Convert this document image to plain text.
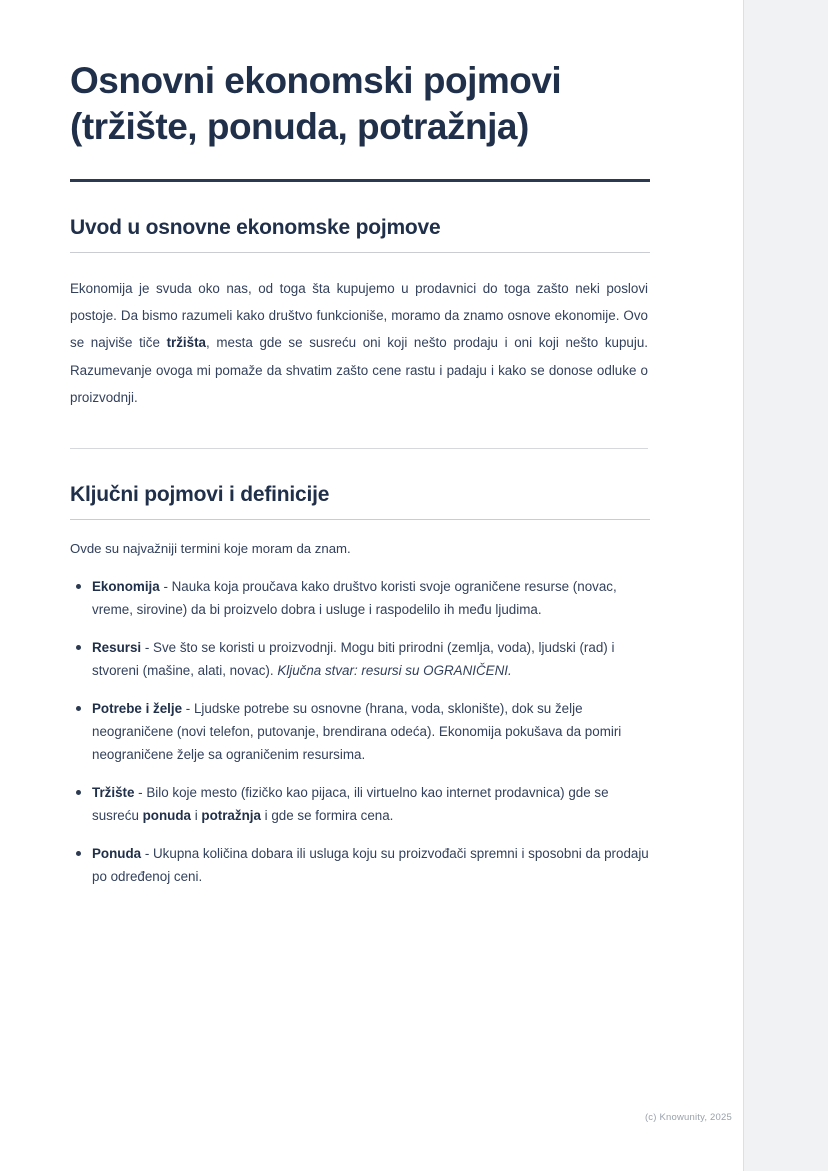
Osnovni ekonomski pojmovi (tržište, ponuda, potražnja)
Uvod u osnovne ekonomske pojmove

Ekonomija je svuda oko nas, od toga šta kupujemo u prodavnici do toga zašto neki poslovi postoje. Da bismo razumeli kako društvo funkcioniše, moramo da znamo osnove ekonomije. Ovo se najviše tiče tržišta, mesta gde se susreću oni koji nešto prodaju i oni koji nešto kupuju. Razumevanje ovoga mi pomaže da shvatim zašto cene rastu i padaju i kako se donose odluke o proizvodnji.

Ključni pojmovi i definicije

Ovde su najvažniji termini koje moram da znam.

Ekonomija - Nauka koja proučava kako društvo koristi svoje ograničene resurse (novac, vreme, sirovine) da bi proizvelo dobra i usluge i raspodelilo ih među ljudima.
Resursi - Sve što se koristi u proizvodnji. Mogu biti prirodni (zemlja, voda), ljudski (rad) i stvoreni (mašine, alati, novac). Ključna stvar: resursi su OGRANIČENI.
Potrebe i želje - Ljudske potrebe su osnovne (hrana, voda, sklonište), dok su želje neograničene (novi telefon, putovanje, brendirana odeća). Ekonomija pokušava da pomiri neograničene želje sa ograničenim resursima.
Tržište - Bilo koje mesto (fizičko kao pijaca, ili virtuelno kao internet prodavnica) gde se susreću ponuda i potražnja i gde se formira cena.
Ponuda - Ukupna količina dobara ili usluga koju su proizvođači spremni i sposobni da prodaju po određenoj ceni.
(c) Knowunity, 2025
